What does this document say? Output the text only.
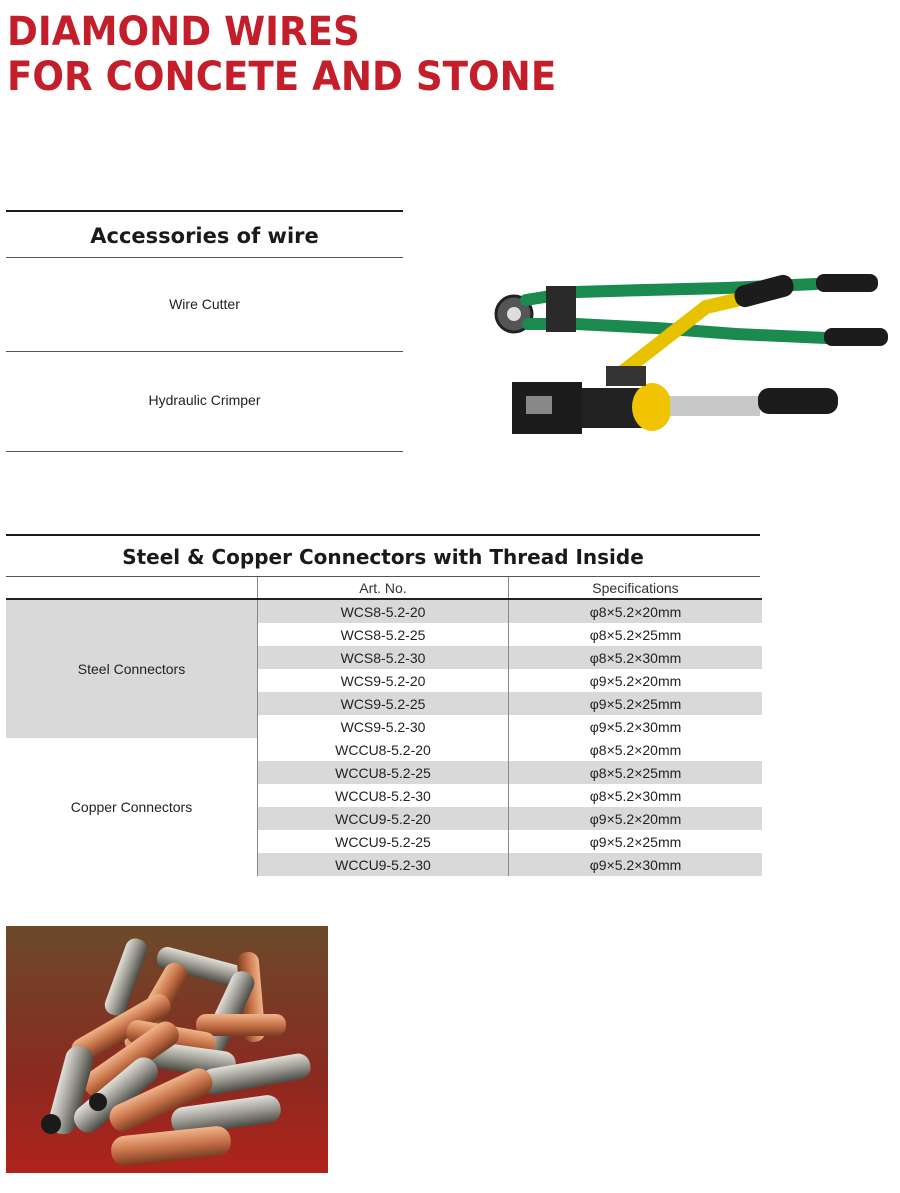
DIAMOND WIRES
FOR CONCETE AND STONE
Accessories of wire
Wire Cutter
Hydraulic Crimper
Steel & Copper Connectors with Thread Inside
	Art. No.	Specifications
Steel Connectors	WCS8-5.2-20	φ8×5.2×20mm
	WCS8-5.2-25	φ8×5.2×25mm
	WCS8-5.2-30	φ8×5.2×30mm
	WCS9-5.2-20	φ9×5.2×20mm
	WCS9-5.2-25	φ9×5.2×25mm
	WCS9-5.2-30	φ9×5.2×30mm
Copper Connectors	WCCU8-5.2-20	φ8×5.2×20mm
	WCCU8-5.2-25	φ8×5.2×25mm
	WCCU8-5.2-30	φ8×5.2×30mm
	WCCU9-5.2-20	φ9×5.2×20mm
	WCCU9-5.2-25	φ9×5.2×25mm
	WCCU9-5.2-30	φ9×5.2×30mm
